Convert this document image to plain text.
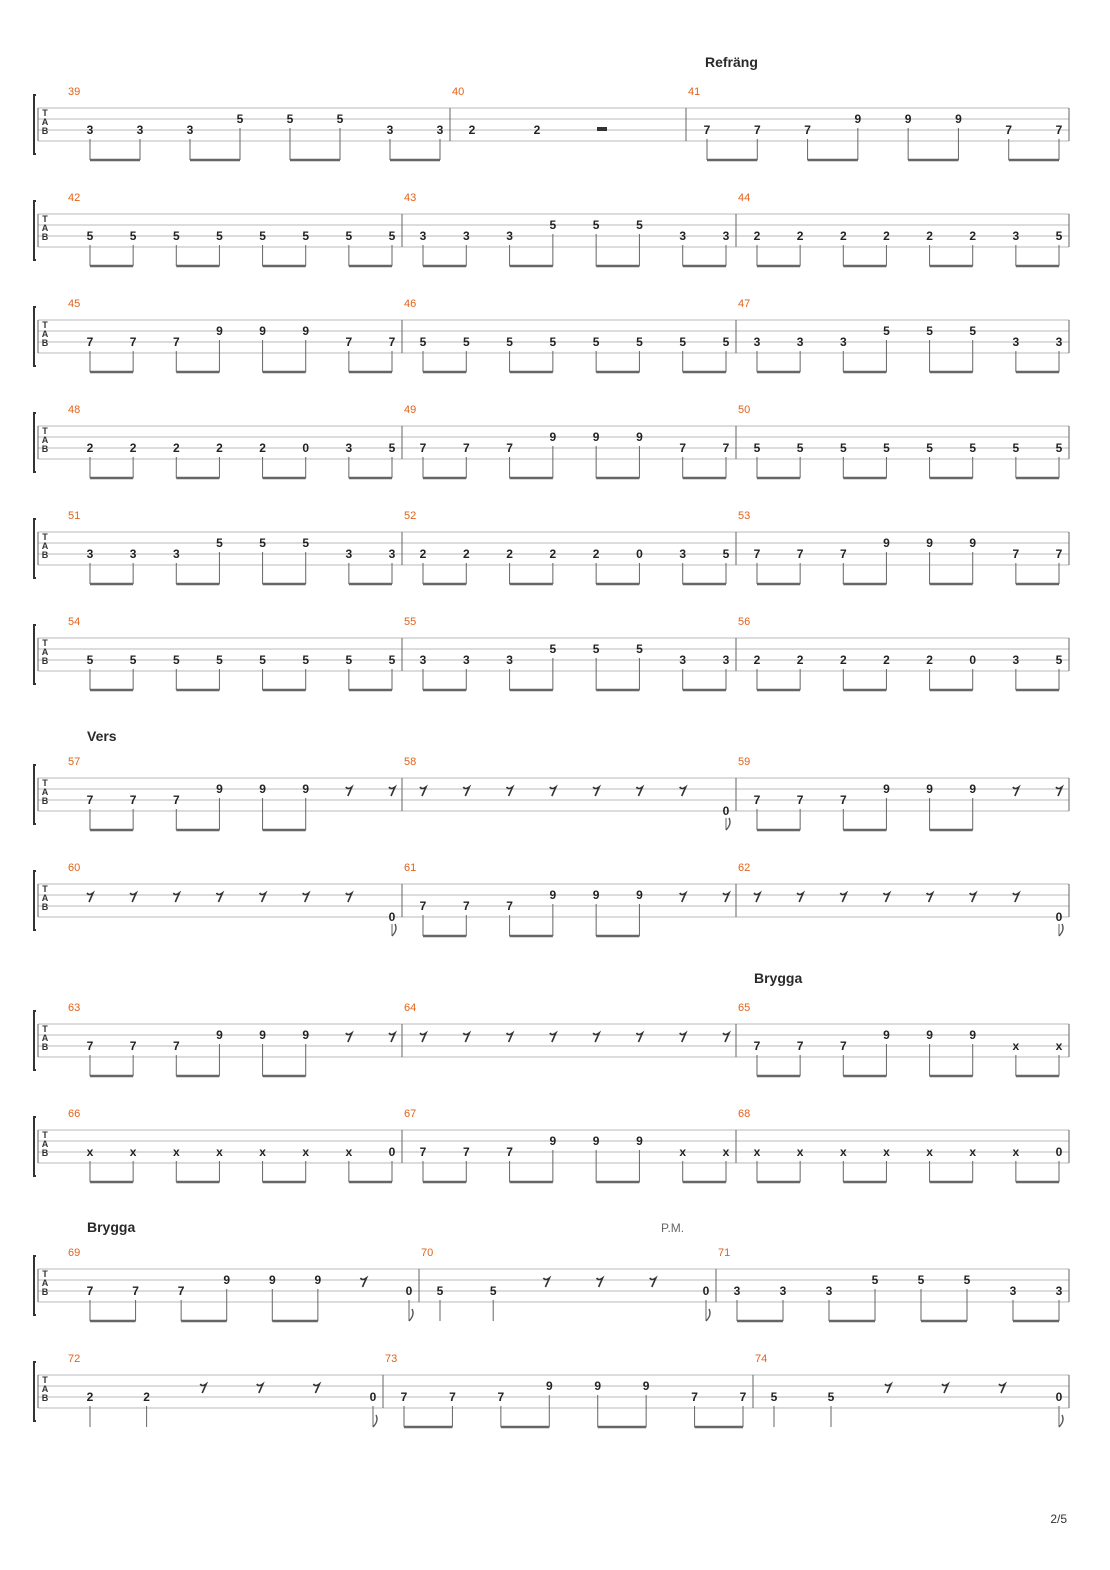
Refräng
T
A
B
39
3	3	3
5	5	5
3	3
40
2	2
41
7	7	7
9	9	9
7	7
T
A
B
42
5	5	5	5	5	5	5	5
43
3	3	3
5	5	5
3	3
44
2	2	2	2	2	2	3	5
T
A
B
45
7	7	7
9	9	9
7	7
46
5	5	5	5	5	5	5	5
47
3	3	3
5	5	5
3	3
T
A
B
48
2	2	2	2	2	0	3	5
49
7	7	7
9	9	9
7	7
50
5	5	5	5	5	5	5	5
T
A
B
51
3	3	3
5	5	5
3	3
52
2	2	2	2	2	0	3	5
53
7	7	7
9	9	9
7	7
T
A
B
54
5	5	5	5	5	5	5	5
55
3	3	3
5	5	5
3	3
56
2	2	2	2	2	0	3	5
Vers
T
A
B
57
7	7	7
9	9	9
58
0
59
7	7	7
9	9	9
T
A
B
60
0
61
7	7	7
9	9	9
62
0
Brygga
T
A
B
63
7	7	7
9	9	9
64	65
7	7	7
9	9	9
x	x
T
A
B
66
x	x	x	x	x	x	x	0
67
7	7	7
9	9	9
x	x
68
x	x	x	x	x	x	x	0
Brygga	P.M.
T
A
B
69
7	7	7
9	9	9
0
70
5	5	0
71
3	3	3
5	5	5
3	3
T
A
B
72
2	2	0
73
7	7	7
9	9	9
7	7
74
5	5	0
2/5
